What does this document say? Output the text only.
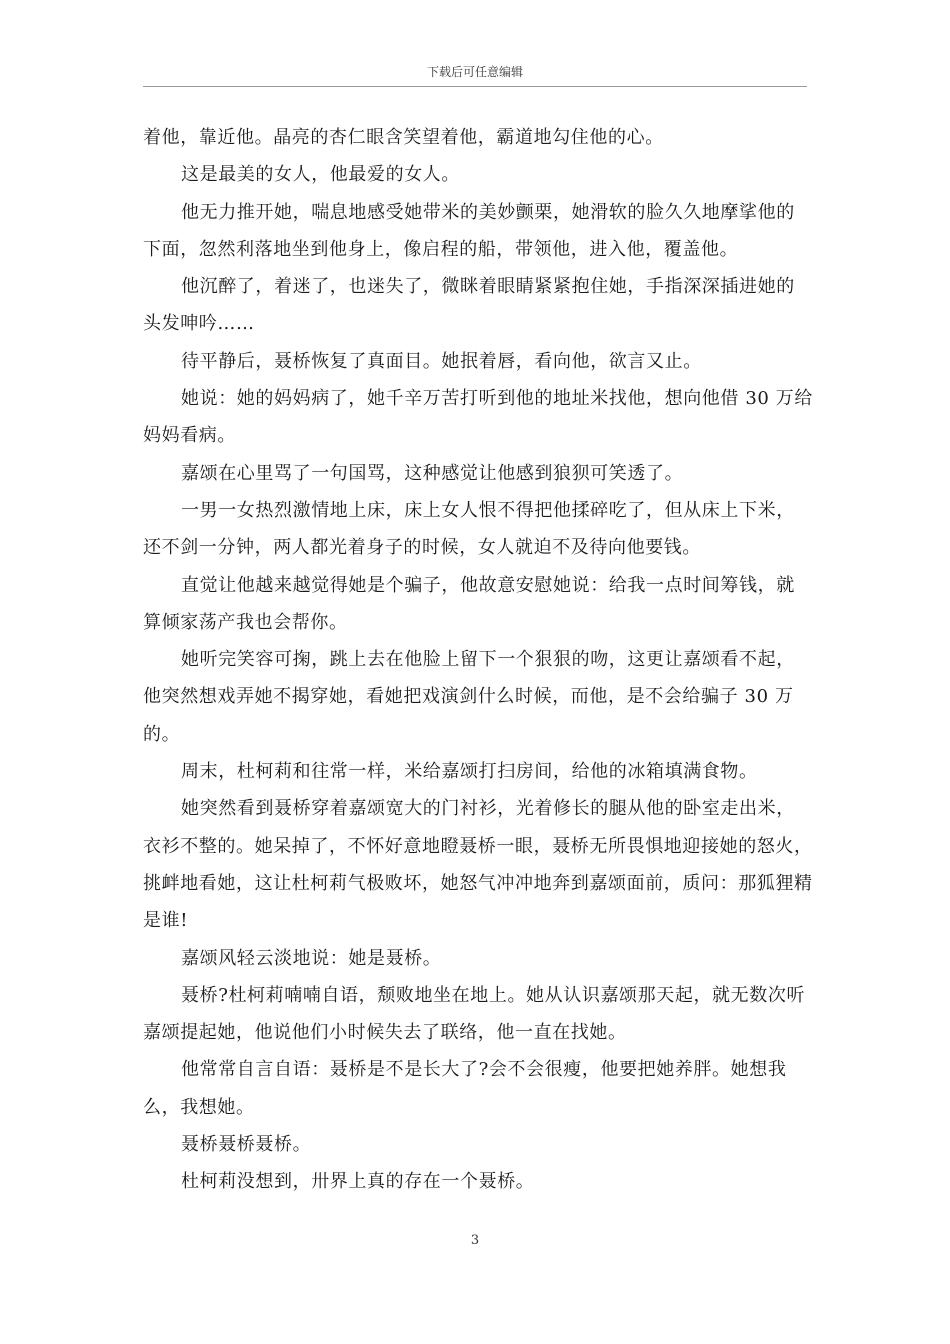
下载后可任意编辑

着他，靠近他。晶亮的杏仁眼含笑望着他，霸道地勾住他的心。

这是最美的女人，他最爱的女人。

他无力推开她，喘息地感受她带米的美妙颤栗，她滑软的脸久久地摩挲他的下面，忽然利落地坐到他身上，像启程的船，带领他，进入他，覆盖他。

他沉醉了，着迷了，也迷失了，微眯着眼睛紧紧抱住她，手指深深插进她的头发呻吟……

待平静后，聂桥恢复了真面目。她抿着唇，看向他，欲言又止。

她说：她的妈妈病了，她千辛万苦打听到他的地址米找他，想向他借 30 万给妈妈看病。

嘉颂在心里骂了一句国骂，这种感觉让他感到狼狈可笑透了。

一男一女热烈激情地上床，床上女人恨不得把他揉碎吃了，但从床上下米，还不剑一分钟，两人都光着身子的时候，女人就迫不及待向他要钱。

直觉让他越来越觉得她是个骗子，他故意安慰她说：给我一点时间筹钱，就算倾家荡产我也会帮你。

她听完笑容可掬，跳上去在他脸上留下一个狠狠的吻，这更让嘉颂看不起，他突然想戏弄她不揭穿她，看她把戏演剑什么时候，而他，是不会给骗子 30 万的。

周末，杜柯莉和往常一样，米给嘉颂打扫房间，给他的冰箱填满食物。

她突然看到聂桥穿着嘉颂宽大的门衬衫，光着修长的腿从他的卧室走出米，衣衫不整的。她呆掉了，不怀好意地瞪聂桥一眼，聂桥无所畏惧地迎接她的怒火，挑衅地看她，这让杜柯莉气极败坏，她怒气冲冲地奔到嘉颂面前，质问：那狐狸精是谁!

嘉颂风轻云淡地说：她是聂桥。

聂桥?杜柯莉喃喃自语，颓败地坐在地上。她从认识嘉颂那天起，就无数次听嘉颂提起她，他说他们小时候失去了联络，他一直在找她。

他常常自言自语：聂桥是不是长大了?会不会很瘦，他要把她养胖。她想我么，我想她。

聂桥聂桥聂桥。

杜柯莉没想到，卅界上真的存在一个聂桥。

3
